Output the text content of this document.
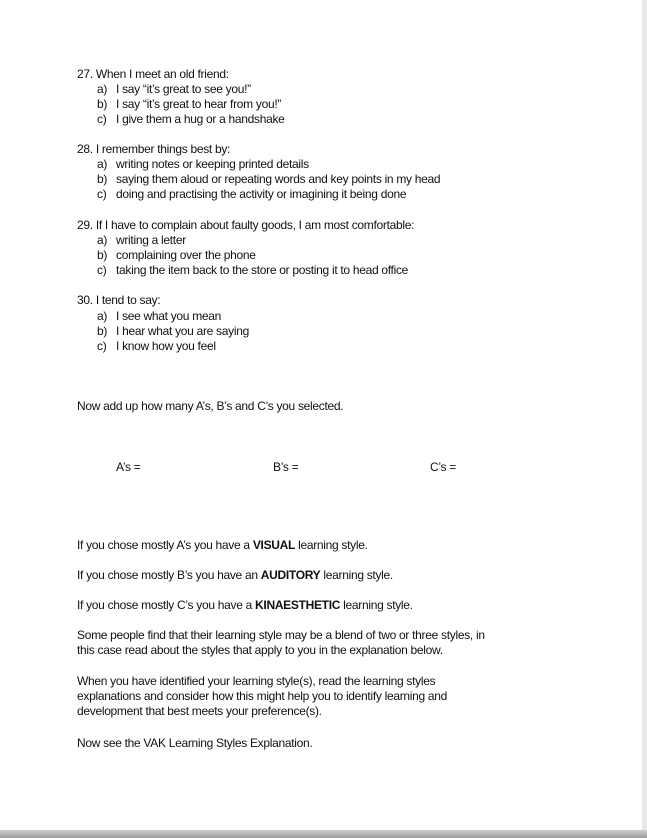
27. When I meet an old friend:
a) I say “it’s great to see you!”
b) I say “it’s great to hear from you!”
c) I give them a hug or a handshake
28. I remember things best by:
a) writing notes or keeping printed details
b) saying them aloud or repeating words and key points in my head
c) doing and practising the activity or imagining it being done
29. If I have to complain about faulty goods, I am most comfortable:
a) writing a letter
b) complaining over the phone
c) taking the item back to the store or posting it to head office
30. I tend to say:
a) I see what you mean
b) I hear what you are saying
c) I know how you feel
Now add up how many A’s, B’s and C’s you selected.
A’s =	B’s =	C’s =
If you chose mostly A’s you have a VISUAL learning style.
If you chose mostly B’s you have an AUDITORY learning style.
If you chose mostly C’s you have a KINAESTHETIC learning style.
Some people find that their learning style may be a blend of two or three styles, in this case read about the styles that apply to you in the explanation below.
When you have identified your learning style(s), read the learning styles explanations and consider how this might help you to identify learning and development that best meets your preference(s).
Now see the VAK Learning Styles Explanation.
